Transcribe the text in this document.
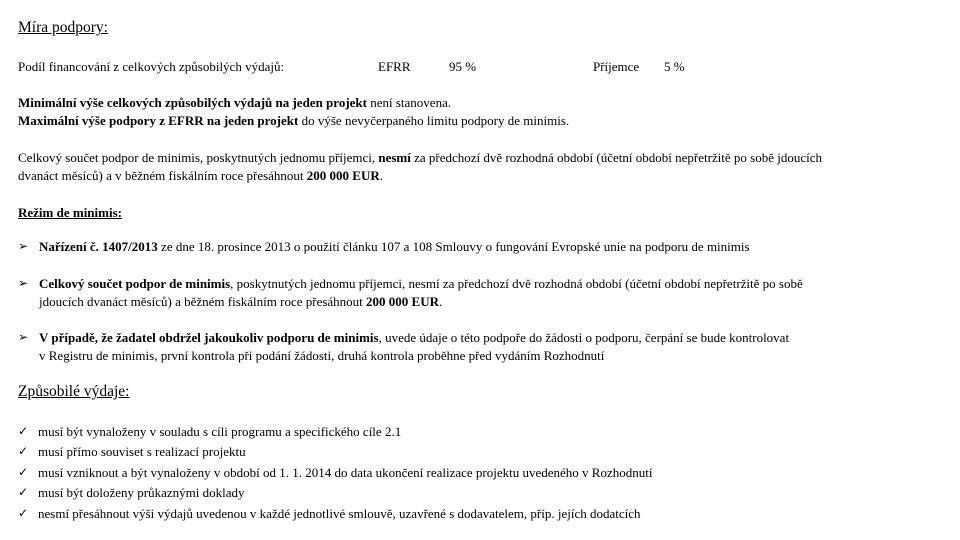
Míra podpory:
Podíl financování z celkových způsobilých výdajů:	EFRR	95 %	Příjemce 5 %
Minimální výše celkových způsobilých výdajů na jeden projekt není stanovena.
Maximální výše podpory z EFRR na jeden projekt do výše nevyčerpaného limitu podpory de minimis.
Celkový součet podpor de minimis, poskytnutých jednomu příjemci, nesmí za předchozí dvě rozhodná období (účetní období nepřetržitě po sobě jdoucích
dvanáct měsíců) a v běžném fiskálním roce přesáhnout 200 000 EUR.
Režim de minimis:
➢ Nařízení č. 1407/2013 ze dne 18. prosince 2013 o použití článku 107 a 108 Smlouvy o fungování Evropské unie na podporu de minimis
➢ Celkový součet podpor de minimis, poskytnutých jednomu příjemci, nesmí za předchozí dvě rozhodná období (účetní období nepřetržitě po sobě
jdoucích dvanáct měsíců) a běžném fiskálním roce přesáhnout 200 000 EUR.
➢ V případě, že žadatel obdržel jakoukoliv podporu de minimis, uvede údaje o této podpoře do žádosti o podporu, čerpání se bude kontrolovat
v Registru de minimis, první kontrola při podání žádosti, druhá kontrola proběhne před vydáním Rozhodnutí
Způsobilé výdaje:
✓ musí být vynaloženy v souladu s cíli programu a specifického cíle 2.1
✓ musí přímo souviset s realizací projektu
✓ musí vzniknout a být vynaloženy v období od 1. 1. 2014 do data ukončení realizace projektu uvedeného v Rozhodnutí
✓ musí být doloženy průkaznými doklady
✓ nesmí přesáhnout výši výdajů uvedenou v každé jednotlivé smlouvě, uzavřené s dodavatelem, příp. jejích dodatcích
